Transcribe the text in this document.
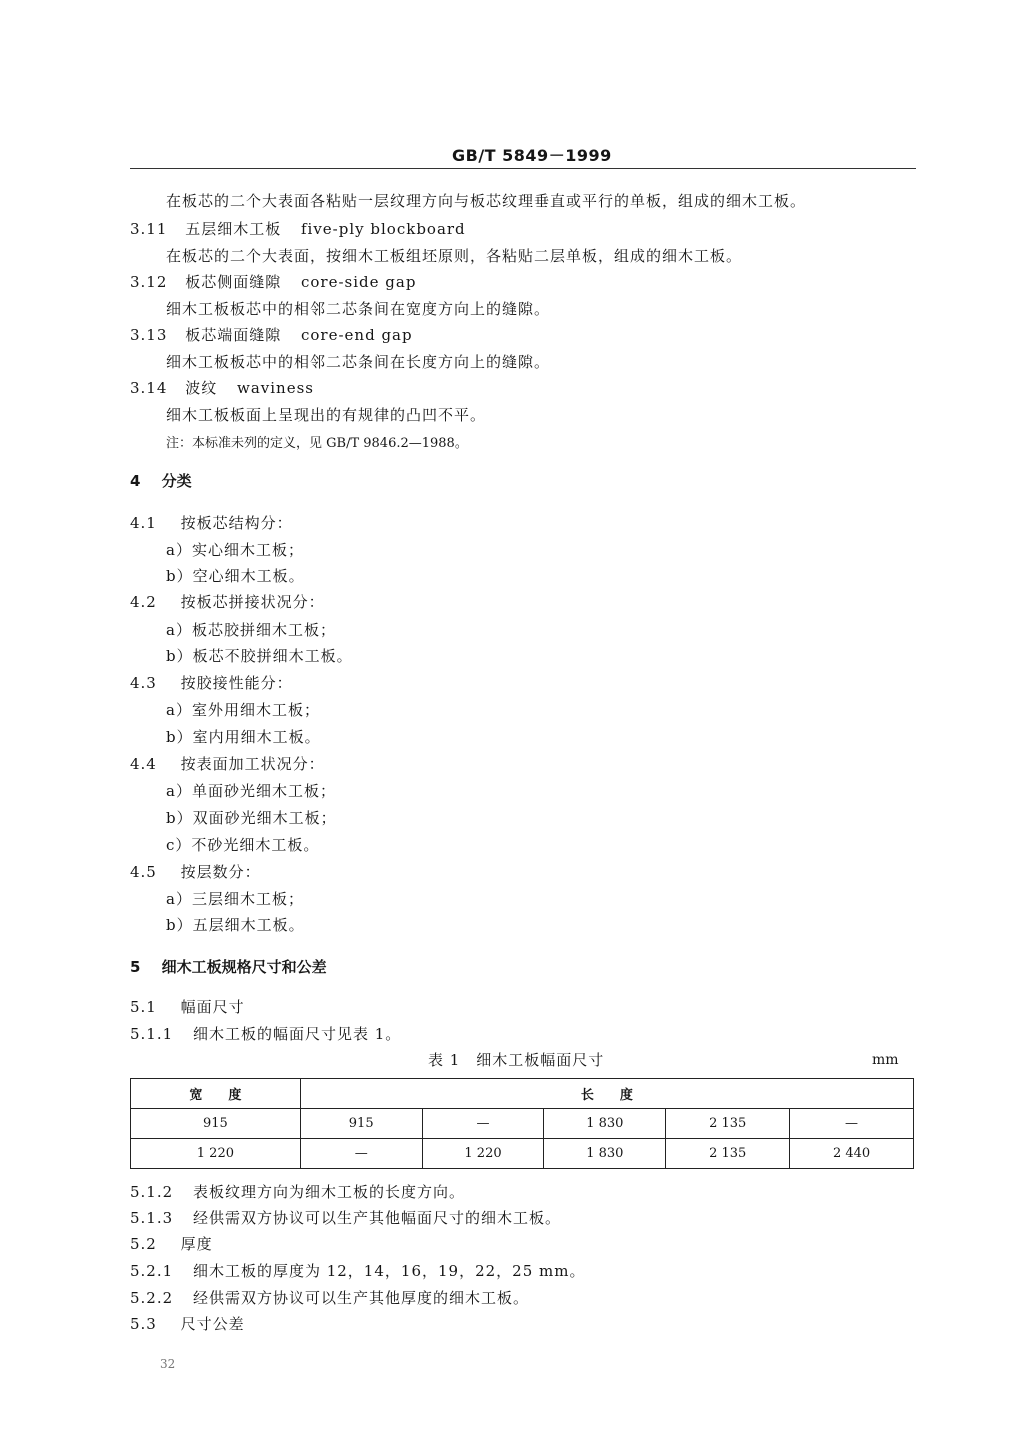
GB/T 5849－1999
在板芯的二个大表面各粘贴一层纹理方向与板芯纹理垂直或平行的单板，组成的细木工板。
3.11 五层细木工板 five-ply blockboard
在板芯的二个大表面，按细木工板组坯原则，各粘贴二层单板，组成的细木工板。
3.12 板芯侧面缝隙 core-side gap
细木工板板芯中的相邻二芯条间在宽度方向上的缝隙。
3.13 板芯端面缝隙 core-end gap
细木工板板芯中的相邻二芯条间在长度方向上的缝隙。
3.14 波纹 waviness
细木工板板面上呈现出的有规律的凸凹不平。
注：本标准未列的定义，见 GB/T 9846.2—1988。
4 分类
4.1 按板芯结构分：
a）实心细木工板；
b）空心细木工板。
4.2 按板芯拼接状况分：
a）板芯胶拼细木工板；
b）板芯不胶拼细木工板。
4.3 按胶接性能分：
a）室外用细木工板；
b）室内用细木工板。
4.4 按表面加工状况分：
a）单面砂光细木工板；
b）双面砂光细木工板；
c）不砂光细木工板。
4.5 按层数分：
a）三层细木工板；
b）五层细木工板。
5 细木工板规格尺寸和公差
5.1 幅面尺寸
5.1.1 细木工板的幅面尺寸见表 1。
表 1　细木工板幅面尺寸	mm
宽　　度	长　　度				
915	915	—	1 830	2 135	—
1 220	—	1 220	1 830	2 135	2 440
5.1.2 表板纹理方向为细木工板的长度方向。
5.1.3 经供需双方协议可以生产其他幅面尺寸的细木工板。
5.2 厚度
5.2.1 细木工板的厚度为 12，14，16，19，22，25 mm。
5.2.2 经供需双方协议可以生产其他厚度的细木工板。
5.3 尺寸公差
32
